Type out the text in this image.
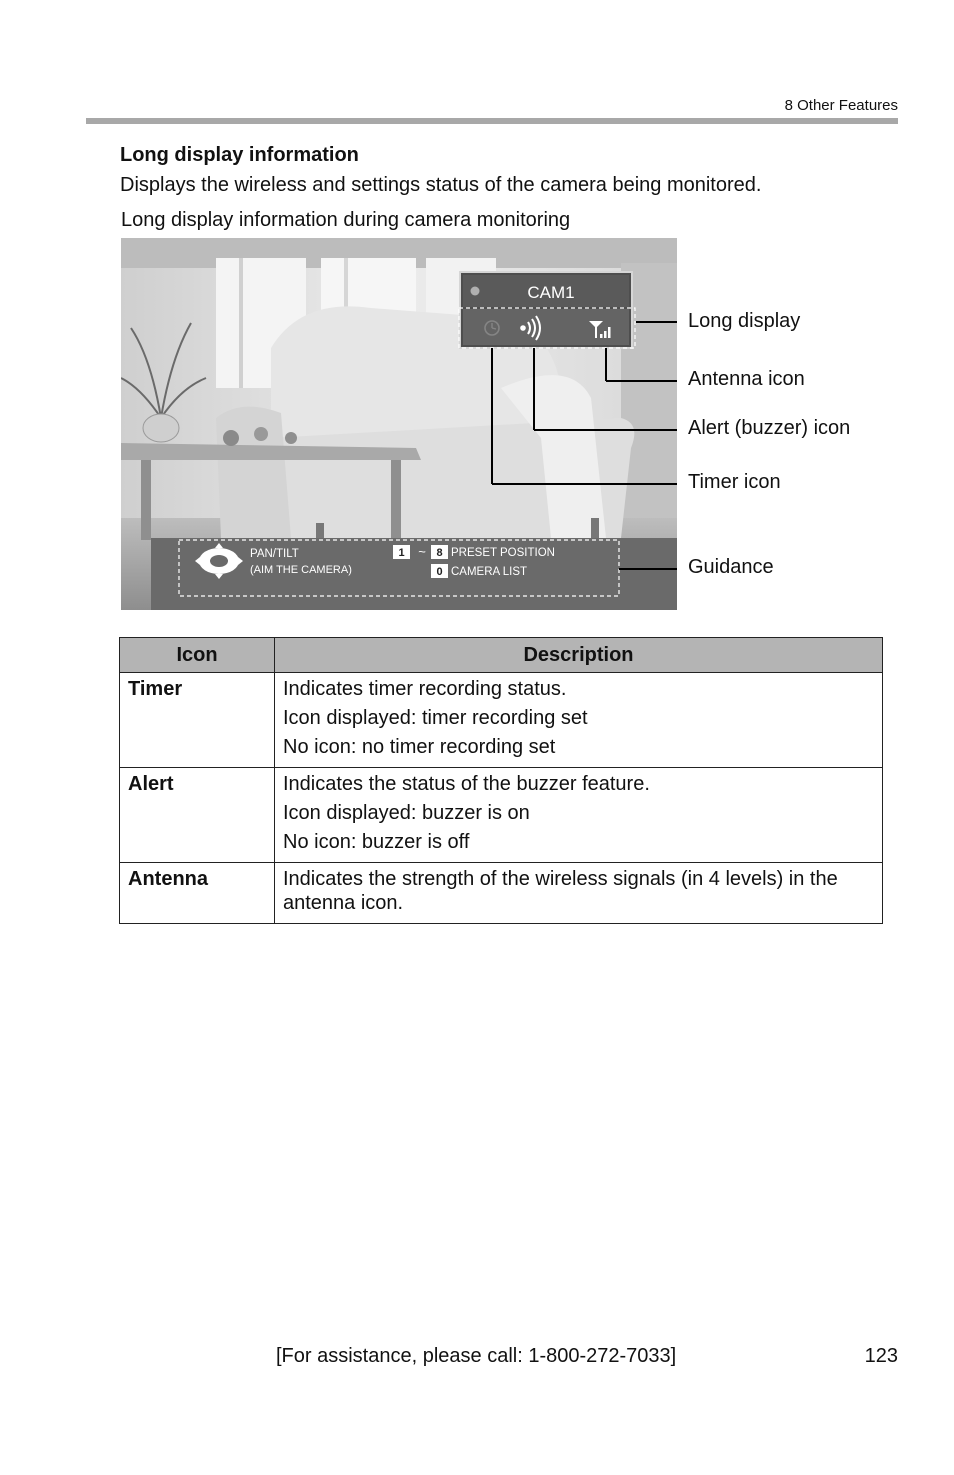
8 Other Features
Long display information
Displays the wireless and settings status of the camera being monitored.
Long display information during camera monitoring
CAM1
PAN/TILT
(AIM THE CAMERA)
1 ~ 8 PRESET POSITION
0 CAMERA LIST
Long display
Antenna icon
Alert (buzzer) icon
Timer icon
Guidance
Icon	Description
Timer	Indicates timer recording status.
Icon displayed: timer recording set
No icon: no timer recording set

Alert	Indicates the status of the buzzer feature.
Icon displayed: buzzer is on
No icon: buzzer is off

Antenna	Indicates the strength of the wireless signals (in 4 levels) in the antenna icon.
[For assistance, please call: 1-800-272-7033]	123
